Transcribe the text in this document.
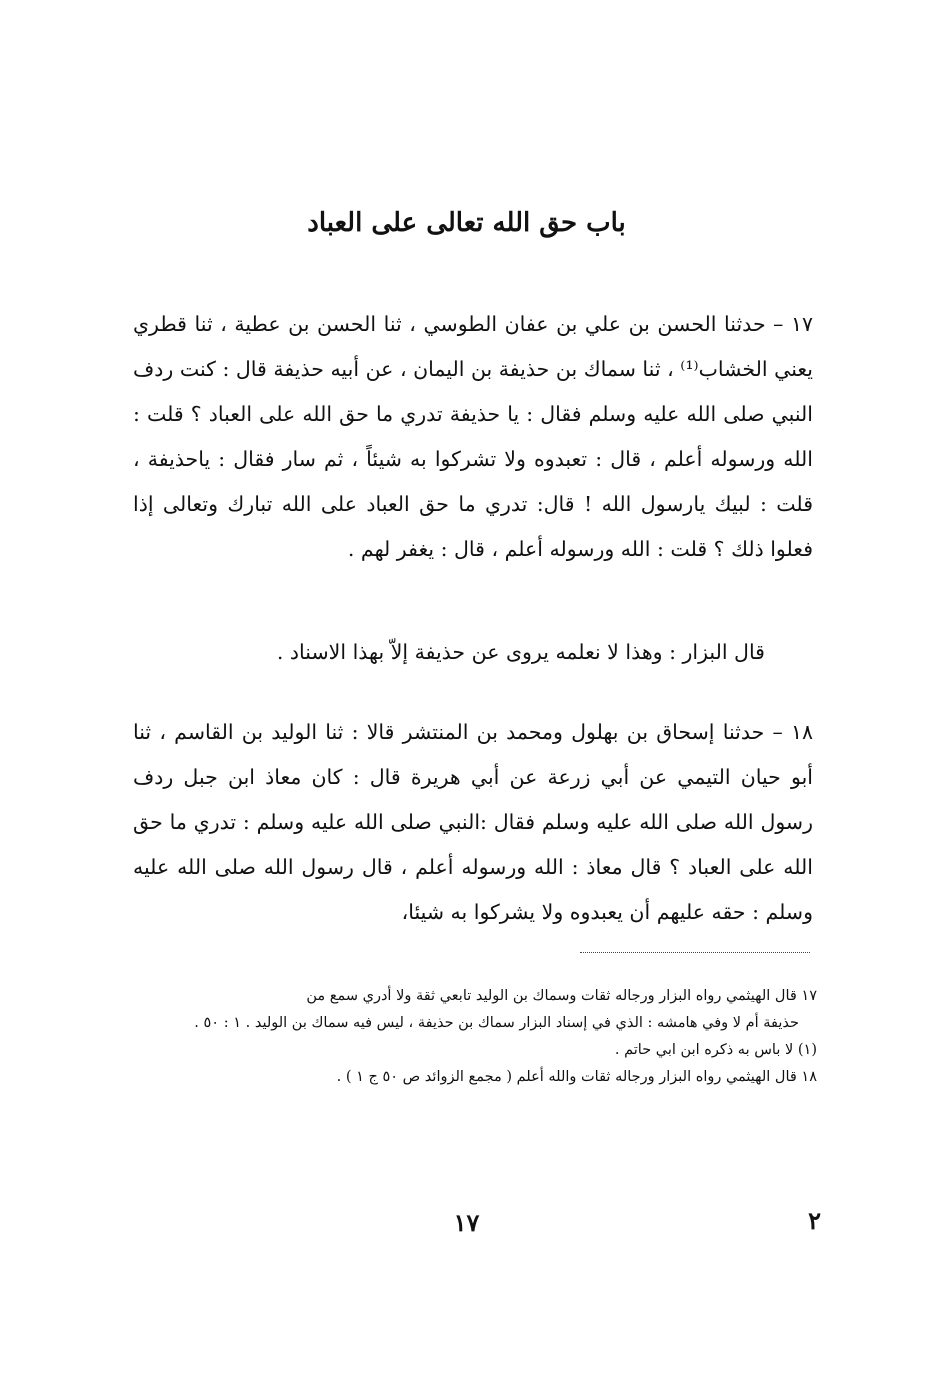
باب حق الله تعالى على العباد
١٧ – حدثنا الحسن بن علي بن عفان الطوسي ، ثنا الحسن بن عطية ، ثنا قطري يعني الخشاب⁽¹⁾ ، ثنا سماك بن حذيفة بن اليمان ، عن أبيه حذيفة قال : كنت ردف النبي صلى الله عليه وسلم فقال : يا حذيفة تدري ما حق الله على العباد ؟ قلت : الله ورسوله أعلم ، قال : تعبدوه ولا تشركوا به شيئاً ، ثم سار فقال : ياحذيفة ، قلت : لبيك يارسول الله ! قال: تدري ما حق العباد على الله تبارك وتعالى إذا فعلوا ذلك ؟ قلت : الله ورسوله أعلم ، قال : يغفر لهم .
قال البزار : وهذا لا نعلمه يروى عن حذيفة إلاّ بهذا الاسناد .
١٨ – حدثنا إسحاق بن بهلول ومحمد بن المنتشر قالا : ثنا الوليد بن القاسم ، ثنا أبو حيان التيمي عن أبي زرعة عن أبي هريرة قال : كان معاذ ابن جبل ردف رسول الله صلى الله عليه وسلم فقال :النبي صلى الله عليه وسلم : تدري ما حق الله على العباد ؟ قال معاذ : الله ورسوله أعلم ، قال رسول الله صلى الله عليه وسلم : حقه عليهم أن يعبدوه ولا يشركوا به شيئا،
١٧ قال الهيثمي رواه البزار ورجاله ثقات وسماك بن الوليد تابعي ثقة ولا أدري سمع من
حذيفة أم لا وفي هامشه : الذي في إسناد البزار سماك بن حذيفة ، ليس فيه سماك بن الوليد . ١ : ٥٠ .
(١) لا باس به ذكره ابن ابي حاتم .
١٨ قال الهيثمي رواه البزار ورجاله ثقات والله أعلم ( مجمع الزوائد ص ٥٠ ج ١ ) .
١٧	٢
